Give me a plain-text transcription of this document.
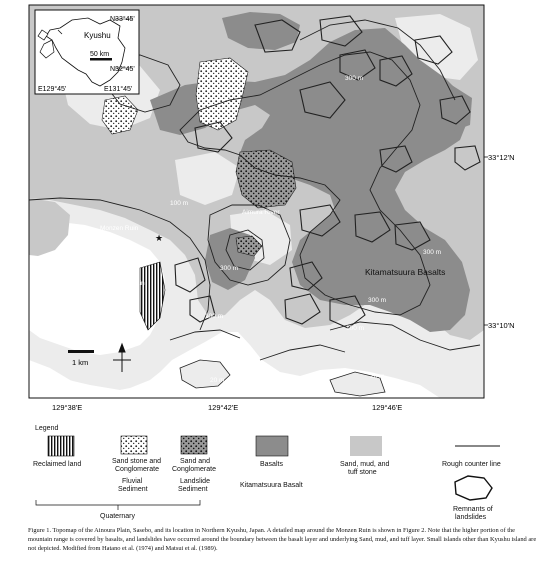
Kyushu
50 km
N33°45'
N32°45'
E129°45'	E131°45'
300 m
300 m
300 m
300 m
100 m
100 m
100 m
20 m
20 m
Monzen Ruin
Ainoura Plain
Aimura River
Kitamatsuura Basalts
★
1 km
33°12'N
33°10'N
129°38'E	129°42'E	129°46'E
Legend
Reclaimed land	Sand stone and
Conglomerate
Sand and
Conglomerate
Basalts	Sand, mud, and
tuff stone
Rough counter line
Fluvial
Sediment
Landslide
Sediment
Kitamatsuura Basalt
Quaternary
Remnants of
landslides
Figure 1. Topomap of the Ainoura Plain, Sasebo, and its location in Northern Kyushu, Japan. A detailed map around the Monzen Ruin is shown in Figure 2. Note that the higher portion of the mountain range is covered by basalts, and landslides have occurred around the boundary between the basalt layer and underlying Sand, mud, and tuff layer. Small islands other than Kyushu island are not depicted. Modified from Hatano et al. (1974) and Matsui et al. (1989).
